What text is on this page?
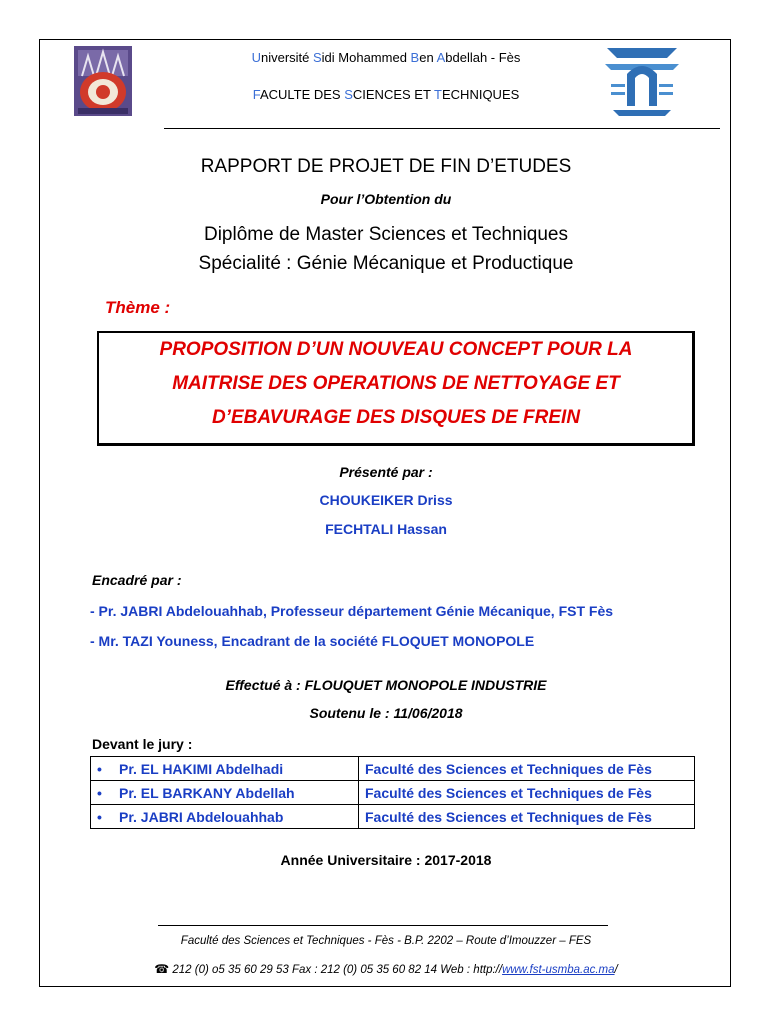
Université Sidi Mohammed Ben Abdellah - Fès
FACULTE DES SCIENCES ET TECHNIQUES
RAPPORT DE PROJET DE FIN D’ETUDES
Pour l’Obtention du
Diplôme de Master Sciences et Techniques
Spécialité : Génie Mécanique et Productique
Thème :
PROPOSITION D’UN NOUVEAU CONCEPT POUR LA
MAITRISE DES OPERATIONS DE NETTOYAGE ET
D’EBAVURAGE DES DISQUES DE FREIN
Présenté par :
CHOUKEIKER Driss
FECHTALI Hassan
Encadré par :
- Pr. JABRI Abdelouahhab, Professeur département Génie Mécanique, FST Fès
- Mr. TAZI Youness, Encadrant de la société FLOQUET MONOPOLE
Effectué à : FLOUQUET MONOPOLE INDUSTRIE
Soutenu le : 11/06/2018
Devant le jury :
• Pr. EL HAKIMI Abdelhadi	Faculté des Sciences et Techniques de Fès
• Pr. EL BARKANY Abdellah	Faculté des Sciences et Techniques de Fès
• Pr. JABRI Abdelouahhab	Faculté des Sciences et Techniques de Fès
Année Universitaire : 2017-2018
Faculté des Sciences et Techniques - Fès - B.P. 2202 – Route d’Imouzzer – FES
☎ 212 (0) o5 35 60 29 53 Fax : 212 (0) 05 35 60 82 14 Web : http://www.fst-usmba.ac.ma/
